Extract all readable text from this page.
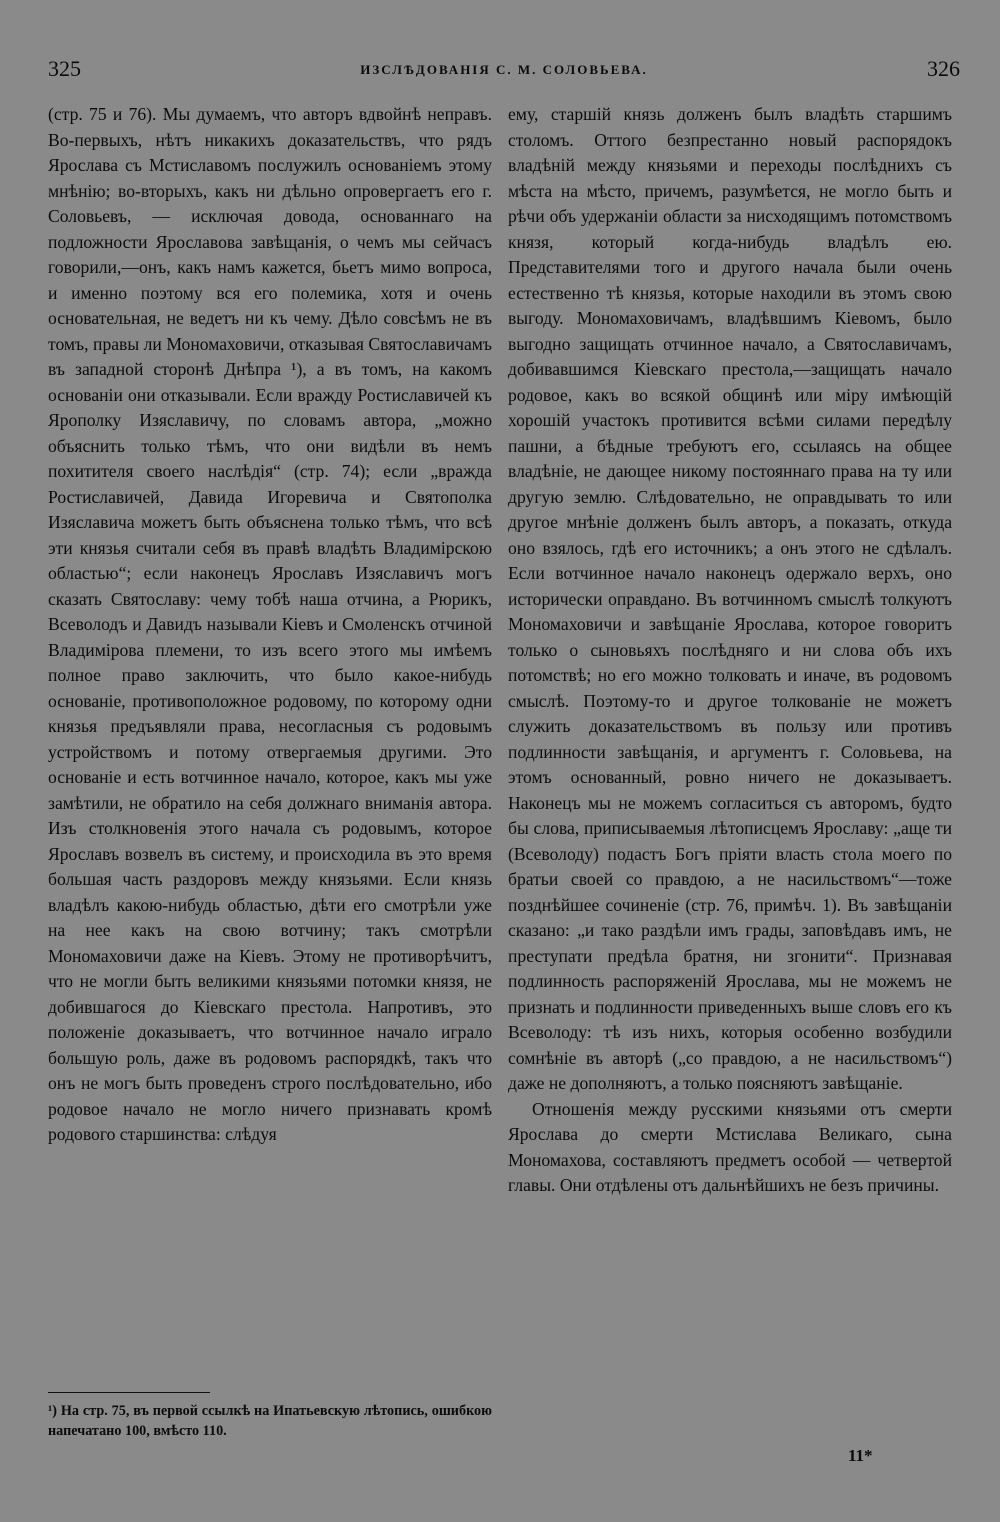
325	ИЗСЛѢДОВАНІЯ С. М. СОЛОВЬЕВА.	326

(стр. 75 и 76). Мы думаемъ, что авторъ вдвойнѣ неправъ. Во-первыхъ, нѣтъ никакихъ доказательствъ, что рядъ Ярослава съ Мстиславомъ послужилъ основаніемъ этому мнѣнію; во-вторыхъ, какъ ни дѣльно опровергаетъ его г. Соловьевъ, — исключая довода, основаннаго на подложности Ярославова завѣщанія, о чемъ мы сейчасъ говорили,—онъ, какъ намъ кажется, бьетъ мимо вопроса, и именно поэтому вся его полемика, хотя и очень основательная, не ведетъ ни къ чему. Дѣло совсѣмъ не въ томъ, правы ли Мономаховичи, отказывая Святославичамъ въ западной сторонѣ Днѣпра ¹), а въ томъ, на какомъ основаніи они отказывали. Если вражду Ростиславичей къ Ярополку Изяславичу, по словамъ автора, „можно объяснить только тѣмъ, что они видѣли въ немъ похитителя своего наслѣдія“ (стр. 74); если „вражда Ростиславичей, Давида Игоревича и Святополка Изяславича можетъ быть объяснена только тѣмъ, что всѣ эти князья считали себя въ правѣ владѣть Владимірскою областью“; если наконецъ Ярославъ Изяславичъ могъ сказать Святославу: чему тобѣ наша отчина, а Рюрикъ, Всеволодъ и Давидъ называли Кіевъ и Смоленскъ отчиной Владимірова племени, то изъ всего этого мы имѣемъ полное право заключить, что было какое-нибудь основаніе, противоположное родовому, по которому одни князья предъявляли права, несогласныя съ родовымъ устройствомъ и потому отвергаемыя другими. Это основаніе и есть вотчинное начало, которое, какъ мы уже замѣтили, не обратило на себя должнаго вниманія автора. Изъ столкновенія этого начала съ родовымъ, которое Ярославъ возвелъ въ систему, и происходила въ это время большая часть раздоровъ между князьями. Если князь владѣлъ какою-нибудь областью, дѣти его смотрѣли уже на нее какъ на свою вотчину; такъ смотрѣли Мономаховичи даже на Кіевъ. Этому не противорѣчитъ, что не могли быть великими князьями потомки князя, не добившагося до Кіевскаго престола. Напротивъ, это положеніе доказываетъ, что вотчинное начало играло большую роль, даже въ родовомъ распорядкѣ, такъ что онъ не могъ быть проведенъ строго послѣдовательно, ибо родовое начало не могло ничего признавать кромѣ родового старшинства: слѣдуя

ему, старшій князь долженъ былъ владѣть старшимъ столомъ. Оттого безпрестанно новый распорядокъ владѣній между князьями и переходы послѣднихъ съ мѣста на мѣсто, причемъ, разумѣется, не могло быть и рѣчи объ удержаніи области за нисходящимъ потомствомъ князя, который когда-нибудь владѣлъ ею. Представителями того и другого начала были очень естественно тѣ князья, которые находили въ этомъ свою выгоду. Мономаховичамъ, владѣвшимъ Кіевомъ, было выгодно защищать отчинное начало, а Святославичамъ, добивавшимся Кіевскаго престола,—защищать начало родовое, какъ во всякой общинѣ или міру имѣющій хорошій участокъ противится всѣми силами передѣлу пашни, а бѣдные требуютъ его, ссылаясь на общее владѣніе, не дающее никому постояннаго права на ту или другую землю. Слѣдовательно, не оправдывать то или другое мнѣніе долженъ былъ авторъ, а показать, откуда оно взялось, гдѣ его источникъ; а онъ этого не сдѣлалъ. Если вотчинное начало наконецъ одержало верхъ, оно исторически оправдано. Въ вотчинномъ смыслѣ толкуютъ Мономаховичи и завѣщаніе Ярослава, которое говоритъ только о сыновьяхъ послѣдняго и ни слова объ ихъ потомствѣ; но его можно толковать и иначе, въ родовомъ смыслѣ. Поэтому-то и другое толкованіе не можетъ служить доказательствомъ въ пользу или противъ подлинности завѣщанія, и аргументъ г. Соловьева, на этомъ основанный, ровно ничего не доказываетъ. Наконецъ мы не можемъ согласиться съ авторомъ, будто бы слова, приписываемыя лѣтописцемъ Ярославу: „аще ти (Всеволоду) подастъ Богъ пріяти власть стола моего по братьи своей со правдою, а не насильствомъ“—тоже позднѣйшее сочиненіе (стр. 76, примѣч. 1). Въ завѣщаніи сказано: „и тако раздѣли имъ грады, заповѣдавъ имъ, не преступати предѣла братня, ни згонити“. Признавая подлинность распоряженій Ярослава, мы не можемъ не признать и подлинности приведенныхъ выше словъ его къ Всеволоду: тѣ изъ нихъ, которыя особенно возбудили сомнѣніе въ авторѣ („со правдою, а не насильствомъ“) даже не дополняютъ, а только поясняютъ завѣщаніе.

Отношенія между русскими князьями отъ смерти Ярослава до смерти Мстислава Великаго, сына Мономахова, составляютъ предметъ особой — четвертой главы. Они отдѣлены отъ дальнѣйшихъ не безъ причины.

¹) На стр. 75, въ первой ссылкѣ на Ипатьевскую лѣтопись, ошибкою напечатано 100, вмѣсто 110.
11*
